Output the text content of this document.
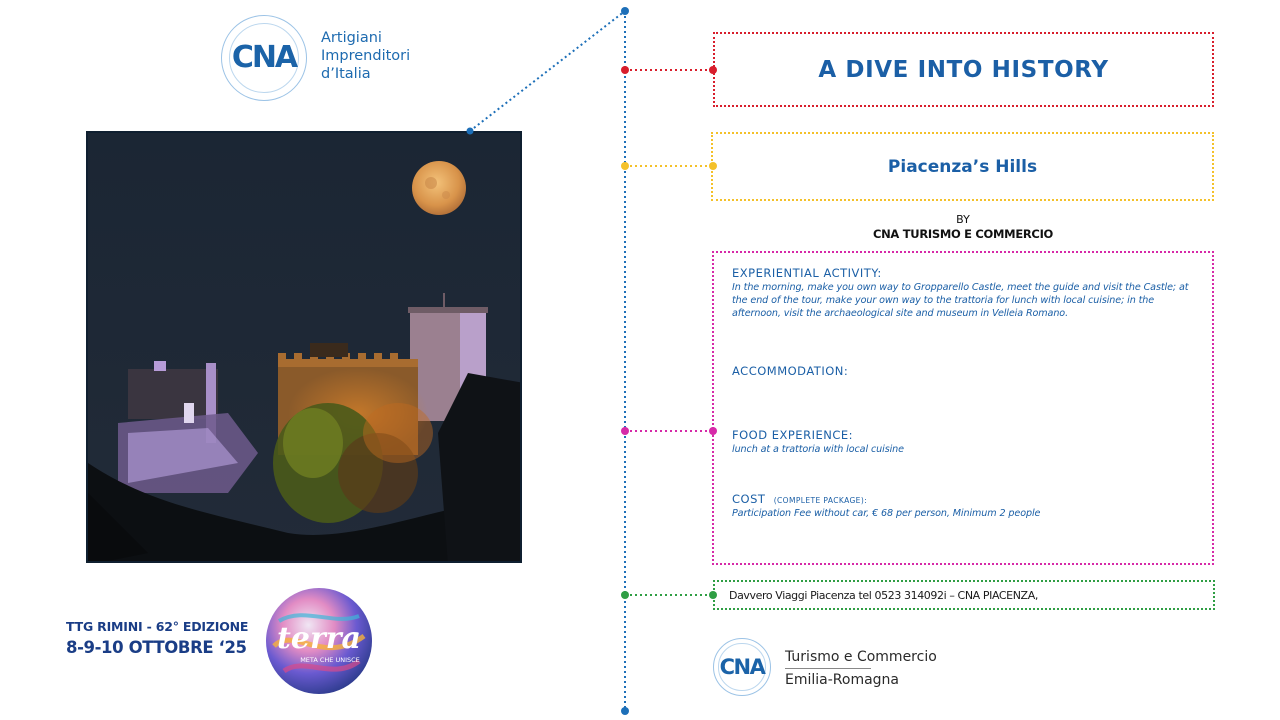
CNA
Artigiani
Imprenditori
d’Italia
TTG RIMINI - 62° EDIZIONE
8-9-10 OTTOBRE ‘25 terra
META CHE UNISCE
A DIVE INTO HISTORY
Piacenza’s Hills
BY
CNA TURISMO E COMMERCIO
EXPERIENTIAL ACTIVITY:
In the morning, make you own way to Gropparello Castle, meet the guide and visit the Castle; at the end of the tour, make your own way to the trattoria for lunch with local cuisine; in the afternoon, visit the archaeological site and museum in Velleia Romano.
ACCOMMODATION:
FOOD EXPERIENCE:
lunch at a trattoria with local cuisine
COST (COMPLETE PACKAGE):
Participation Fee without car, € 68 per person, Minimum 2 people
Davvero Viaggi Piacenza tel 0523 314092i – CNA PIACENZA,
CNA Turismo e Commercio
Emilia-Romagna
